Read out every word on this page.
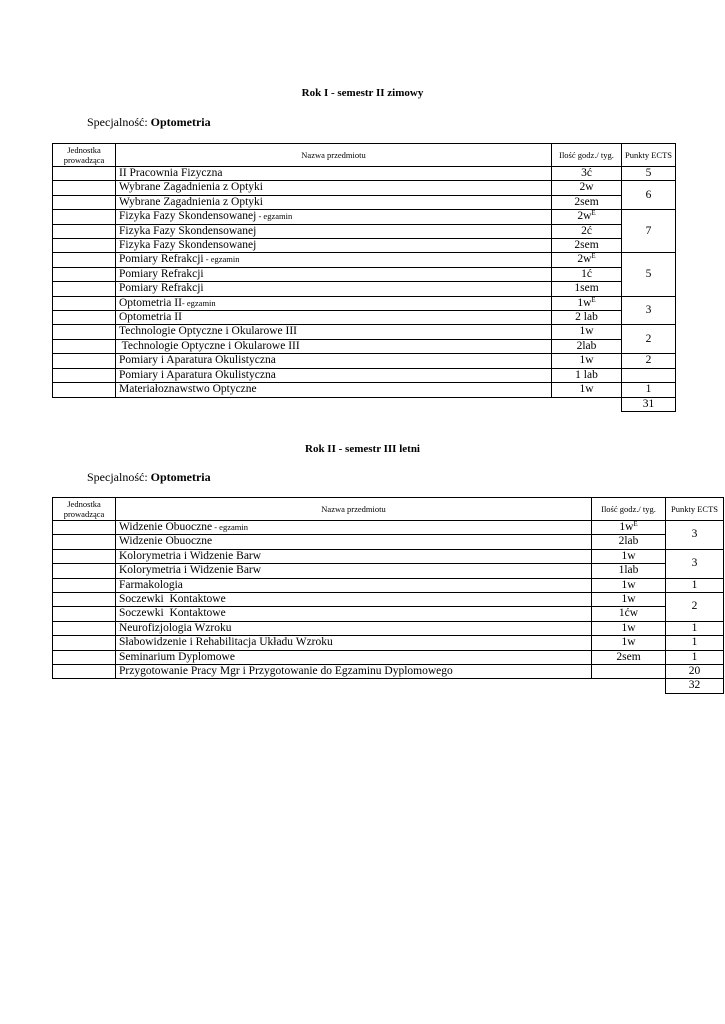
Rok I - semestr II zimowy
Specjalność: Optometria
Jednostka prowadząca	Nazwa przedmiotu	Ilość godz./ tyg.	Punkty ECTS
	II Pracownia Fizyczna	3ć	5
	Wybrane Zagadnienia z Optyki	2w	6
	Wybrane Zagadnienia z Optyki	2sem	
	Fizyka Fazy Skondensowanej - egzamin	$2w^E$	7
	Fizyka Fazy Skondensowanej	2ć	
	Fizyka Fazy Skondensowanej	2sem	
	Pomiary Refrakcji - egzamin	$2w^E$	5
	Pomiary Refrakcji	1ć	
	Pomiary Refrakcji	1sem	
	Optometria II- egzamin	$1w^E$	3
	Optometria II	2 lab	
	Technologie Optyczne i Okularowe III	1w	2
	Technologie Optyczne i Okularowe III	2lab	
	Pomiary i Aparatura Okulistyczna	1w	2
	Pomiary i Aparatura Okulistyczna	1 lab	
	Materiałoznawstwo Optyczne	1w	1
			31
Rok II - semestr III letni
Specjalność: Optometria
Jednostka prowadząca	Nazwa przedmiotu	Ilość godz./ tyg.	Punkty ECTS
	Widzenie Obuoczne - egzamin	$1w^E$	3
	Widzenie Obuoczne	2lab	
	Kolorymetria i Widzenie Barw	1w	3
	Kolorymetria i Widzenie Barw	1lab	
	Farmakologia	1w	1
	Soczewki  Kontaktowe	1w	2
	Soczewki  Kontaktowe	1ćw	
	Neurofizjologia Wzroku	1w	1
	Słabowidzenie i Rehabilitacja Układu Wzroku	1w	1
	Seminarium Dyplomowe	2sem	1
	Przygotowanie Pracy Mgr i Przygotowanie do Egzaminu Dyplomowego		20
			32
